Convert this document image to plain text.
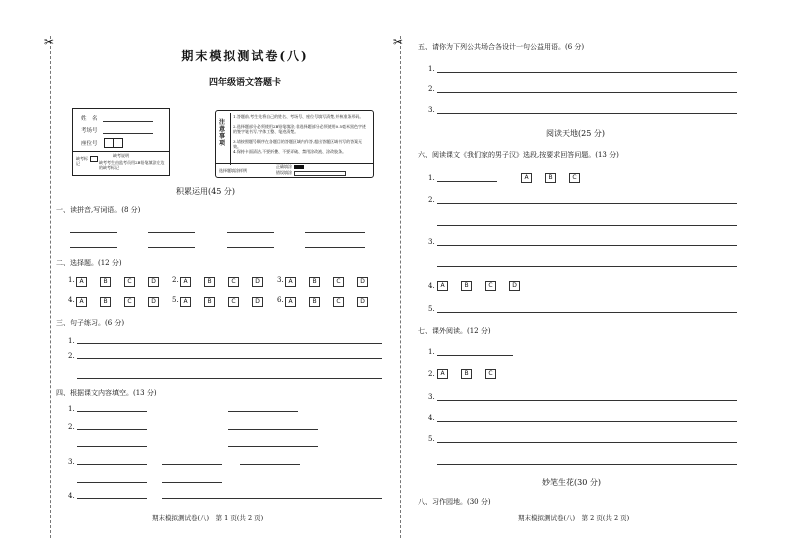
✂	✂
期末模拟测试卷(八)
四年级语文答题卡
姓　名
考场号
座位号
缺考标记
缺考说明
缺考考生由监考员用2B铅笔填涂左边的缺考标记
注意事项
1.答题前,考生先将自己的姓名、考场号、座位号填写清楚,并核准条形码。
2.选择题部分必须使用2B铅笔填涂;非选择题部分必须使用0.5毫米黑色字迹的签字笔书写,字体工整、笔迹清楚。
3.请按照题号顺序在各题目的答题区域内作答,超出答题区域书写的答案无效。
4.保持卡面清洁,不要折叠、不要弄破、禁用涂改液、涂改胶条。
选择题填涂样例
正确填涂
错误填涂
积累运用(45 分)
一、读拼音,写词语。(8 分)
二、选择题。(12 分)
1. A	B	C	D	2. A	B	C	D	3. A	B	C	D
4. A	B	C	D	5. A	B	C	D	6. A	B	C	D
三、句子练习。(6 分)
1.
2.
四、根据课文内容填空。(13 分)
1.
2.
3.
4.
期末模拟测试卷(八)　第 1 页(共 2 页)
五、请你为下列公共场合各设计一句公益用语。(6 分)
1.
2.
3.
阅读天地(25 分)
六、阅读课文《我们家的男子汉》选段,按要求回答问题。(13 分)
1.	A	B	C
2.
3.
4. A	B	C	D
5.
七、课外阅读。(12 分)
1.
2. A	B	C
3.
4.
5.
妙笔生花(30 分)
八、习作园地。(30 分)
期末模拟测试卷(八)　第 2 页(共 2 页)
